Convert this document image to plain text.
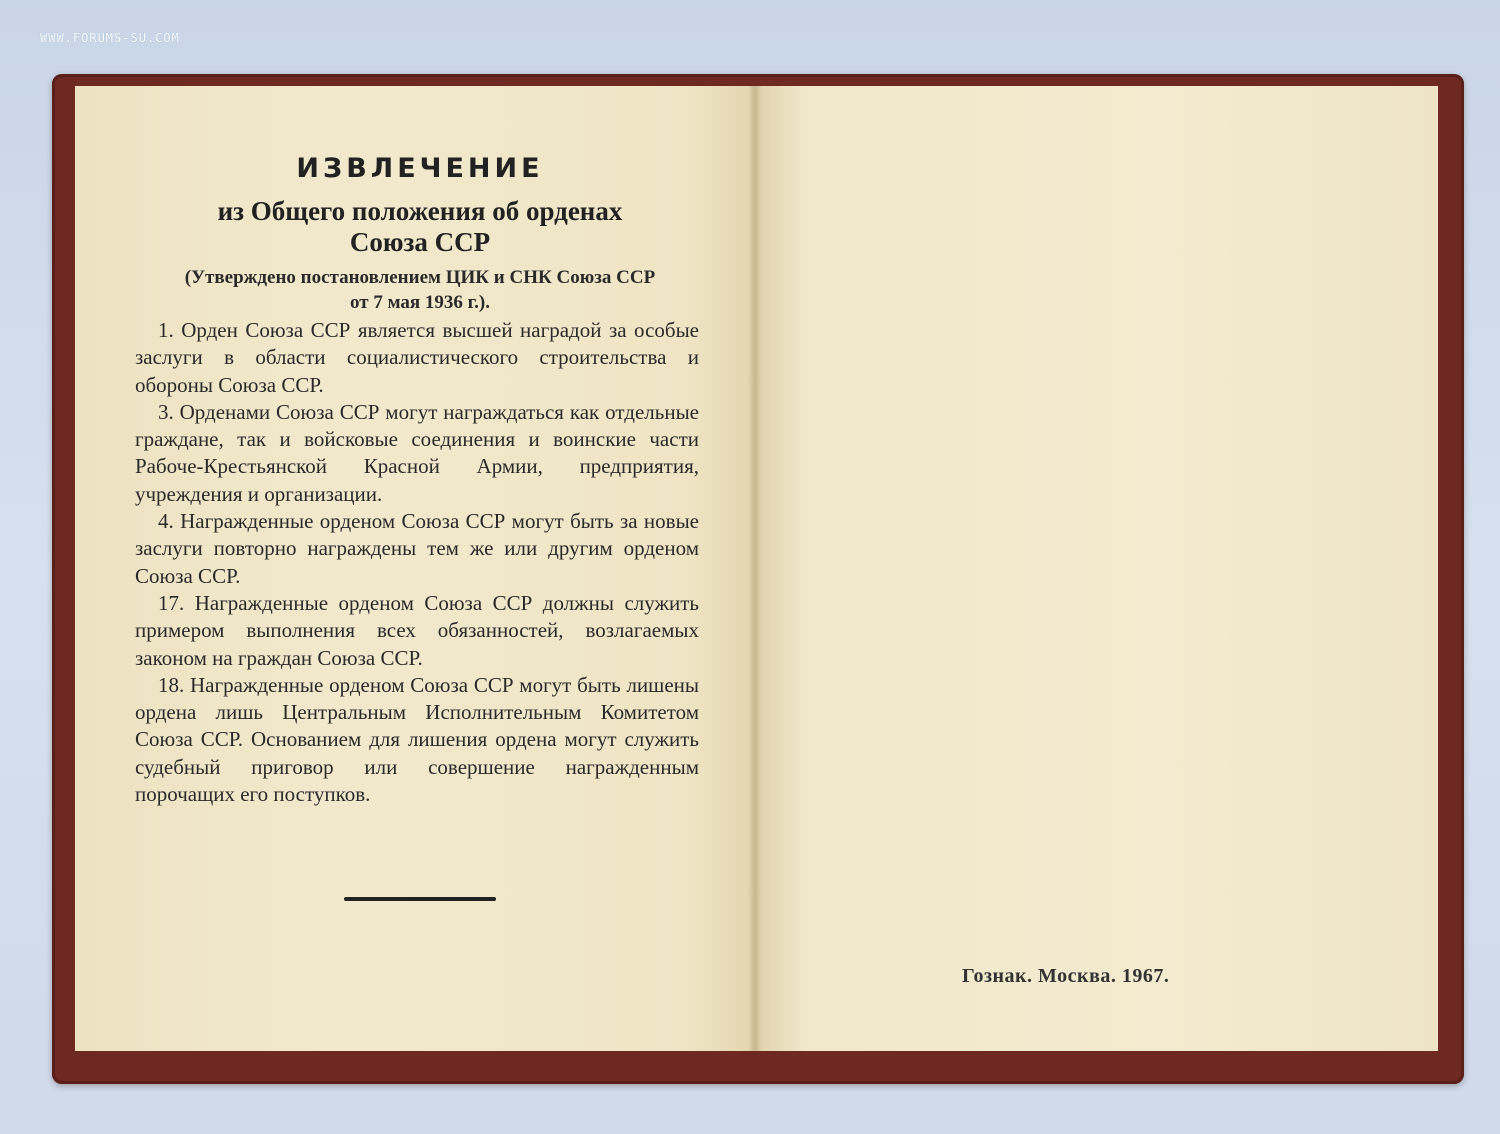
WWW.FORUMS-SU.COM
ИЗВЛЕЧЕНИЕ
из Общего положения об орденах
Союза ССР
(Утверждено постановлением ЦИК и СНК Союза ССР
от 7 мая 1936 г.).

1. Орден Союза ССР является высшей наградой за особые заслуги в области социалистического строительства и обороны Союза ССР.

3. Орденами Союза ССР могут награждаться как отдельные граждане, так и войсковые соединения и воинские части Рабоче-Крестьянской Красной Армии, предприятия, учреждения и организации.

4. Награжденные орденом Союза ССР могут быть за новые заслуги повторно награждены тем же или другим орденом Союза ССР.

17. Награжденные орденом Союза ССР должны служить примером выполнения всех обязанностей, возлагаемых законом на граждан Союза ССР.

18. Награжденные орденом Союза ССР могут быть лишены ордена лишь Центральным Исполнительным Комитетом Союза ССР. Основанием для лишения ордена могут служить судебный приговор или совершение награжденным порочащих его поступков.

Гознак. Москва. 1967.
